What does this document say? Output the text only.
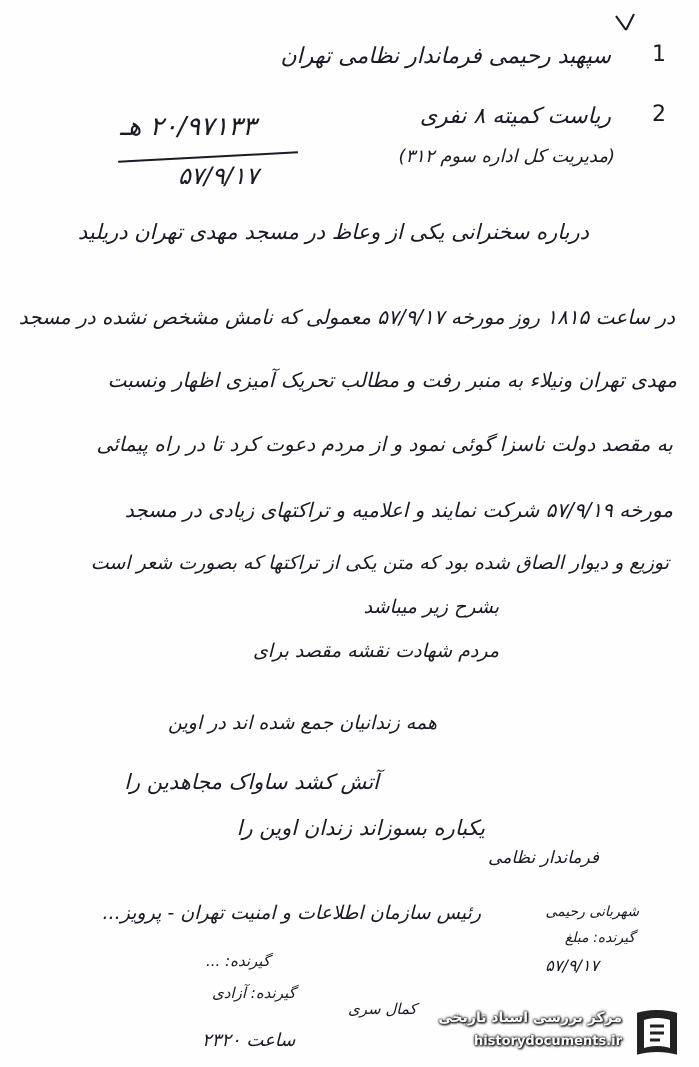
1
سپهبد رحیمی فرماندار نظامی تهران
2
ریاست کمیته ۸ نفری
(مدیریت کل اداره سوم ۳۱۲)
۲۰/۹۷۱۳۳ هـ
۵۷/۹/۱۷
درباره سخنرانی یکی از وعاظ در مسجد مهدی تهران دریلید
در ساعت ۱۸۱۵ روز مورخه ۵۷/۹/۱۷ معمولی که نامش مشخص نشده در مسجد
مهدی تهران ونیلاء به منبر رفت و مطالب تحریک آمیزی اظهار ونسبت
به مقصد دولت ناسزا گوئی نمود و از مردم دعوت کرد تا در راه پیمائی
مورخه ۵۷/۹/۱۹ شرکت نمایند و اعلامیه و تراکتهای زیادی در مسجد
توزیع و دیوار الصاق شده بود که متن یکی از تراکتها که بصورت شعر است
بشرح زیر میباشد
مردم شهادت نقشه مقصد برای
همه زندانیان جمع شده اند در اوین
آتش کشد ساواک مجاهدین را
یکباره بسوزاند زندان اوین را
فرماندار نظامی
شهربانی رحیمی
گیرنده: مبلغ
۵۷/۹/۱۷
رئیس سازمان اطلاعات و امنیت تهران - پرویز...
گیرنده: ...
گیرنده: آزادی
کمال سری
ساعت ۲۳۲۰
مرکز بررسی اسناد تاریخی
historydocuments.ir
